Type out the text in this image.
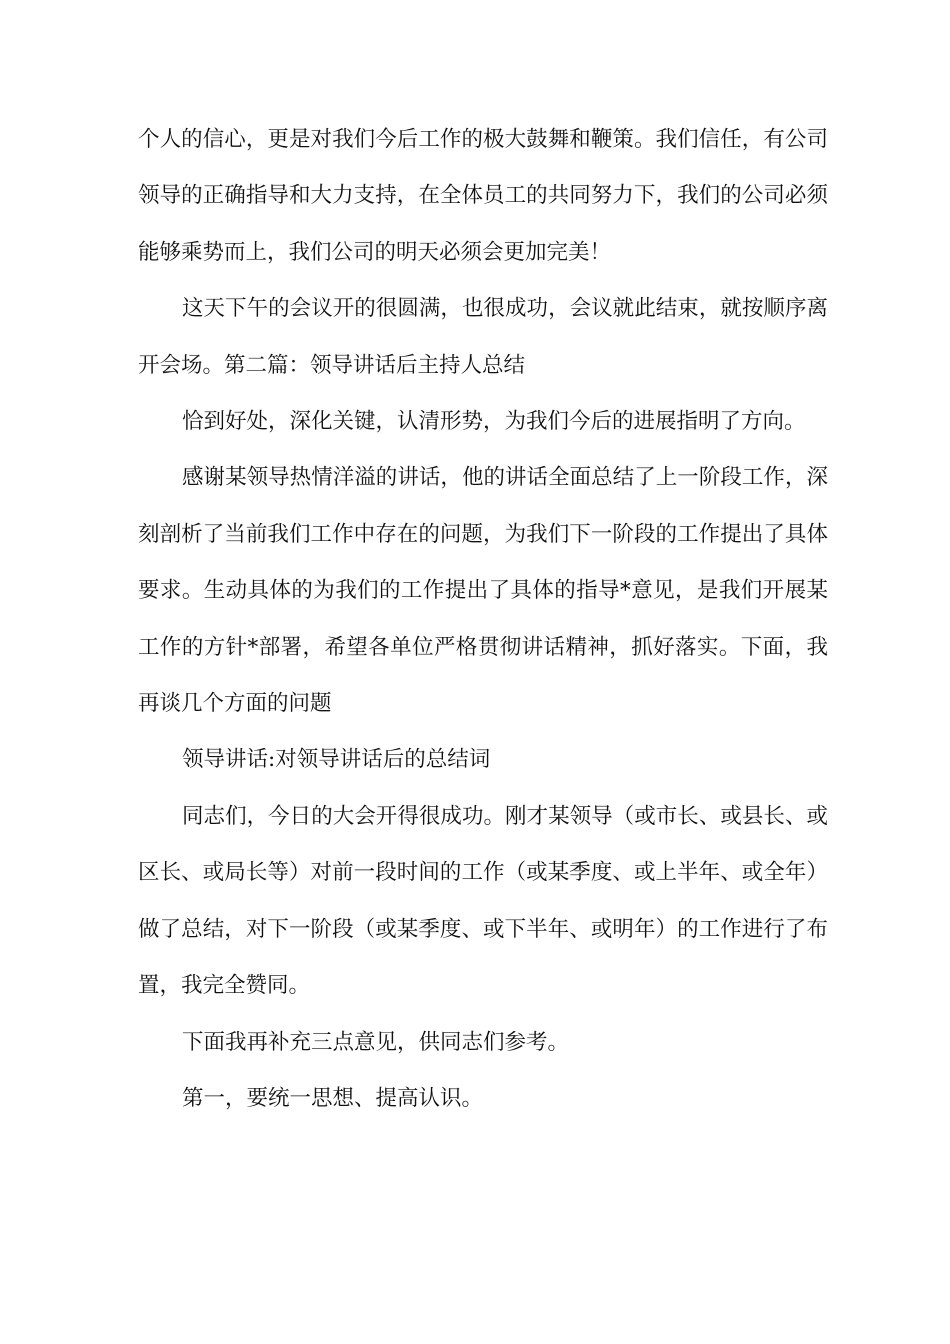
个人的信心，更是对我们今后工作的极大鼓舞和鞭策。我们信任，有公司领导的正确指导和大力支持，在全体员工的共同努力下，我们的公司必须能够乘势而上，我们公司的明天必须会更加完美！

这天下午的会议开的很圆满，也很成功，会议就此结束，就按顺序离开会场。第二篇：领导讲话后主持人总结

恰到好处，深化关键，认清形势，为我们今后的进展指明了方向。

感谢某领导热情洋溢的讲话，他的讲话全面总结了上一阶段工作，深刻剖析了当前我们工作中存在的问题，为我们下一阶段的工作提出了具体要求。生动具体的为我们的工作提出了具体的指导*意见，是我们开展某工作的方针*部署，希望各单位严格贯彻讲话精神，抓好落实。下面，我再谈几个方面的问题

领导讲话:对领导讲话后的总结词

同志们，今日的大会开得很成功。刚才某领导（或市长、或县长、或区长、或局长等）对前一段时间的工作（或某季度、或上半年、或全年）做了总结，对下一阶段（或某季度、或下半年、或明年）的工作进行了布置，我完全赞同。

下面我再补充三点意见，供同志们参考。

第一，要统一思想、提高认识。
